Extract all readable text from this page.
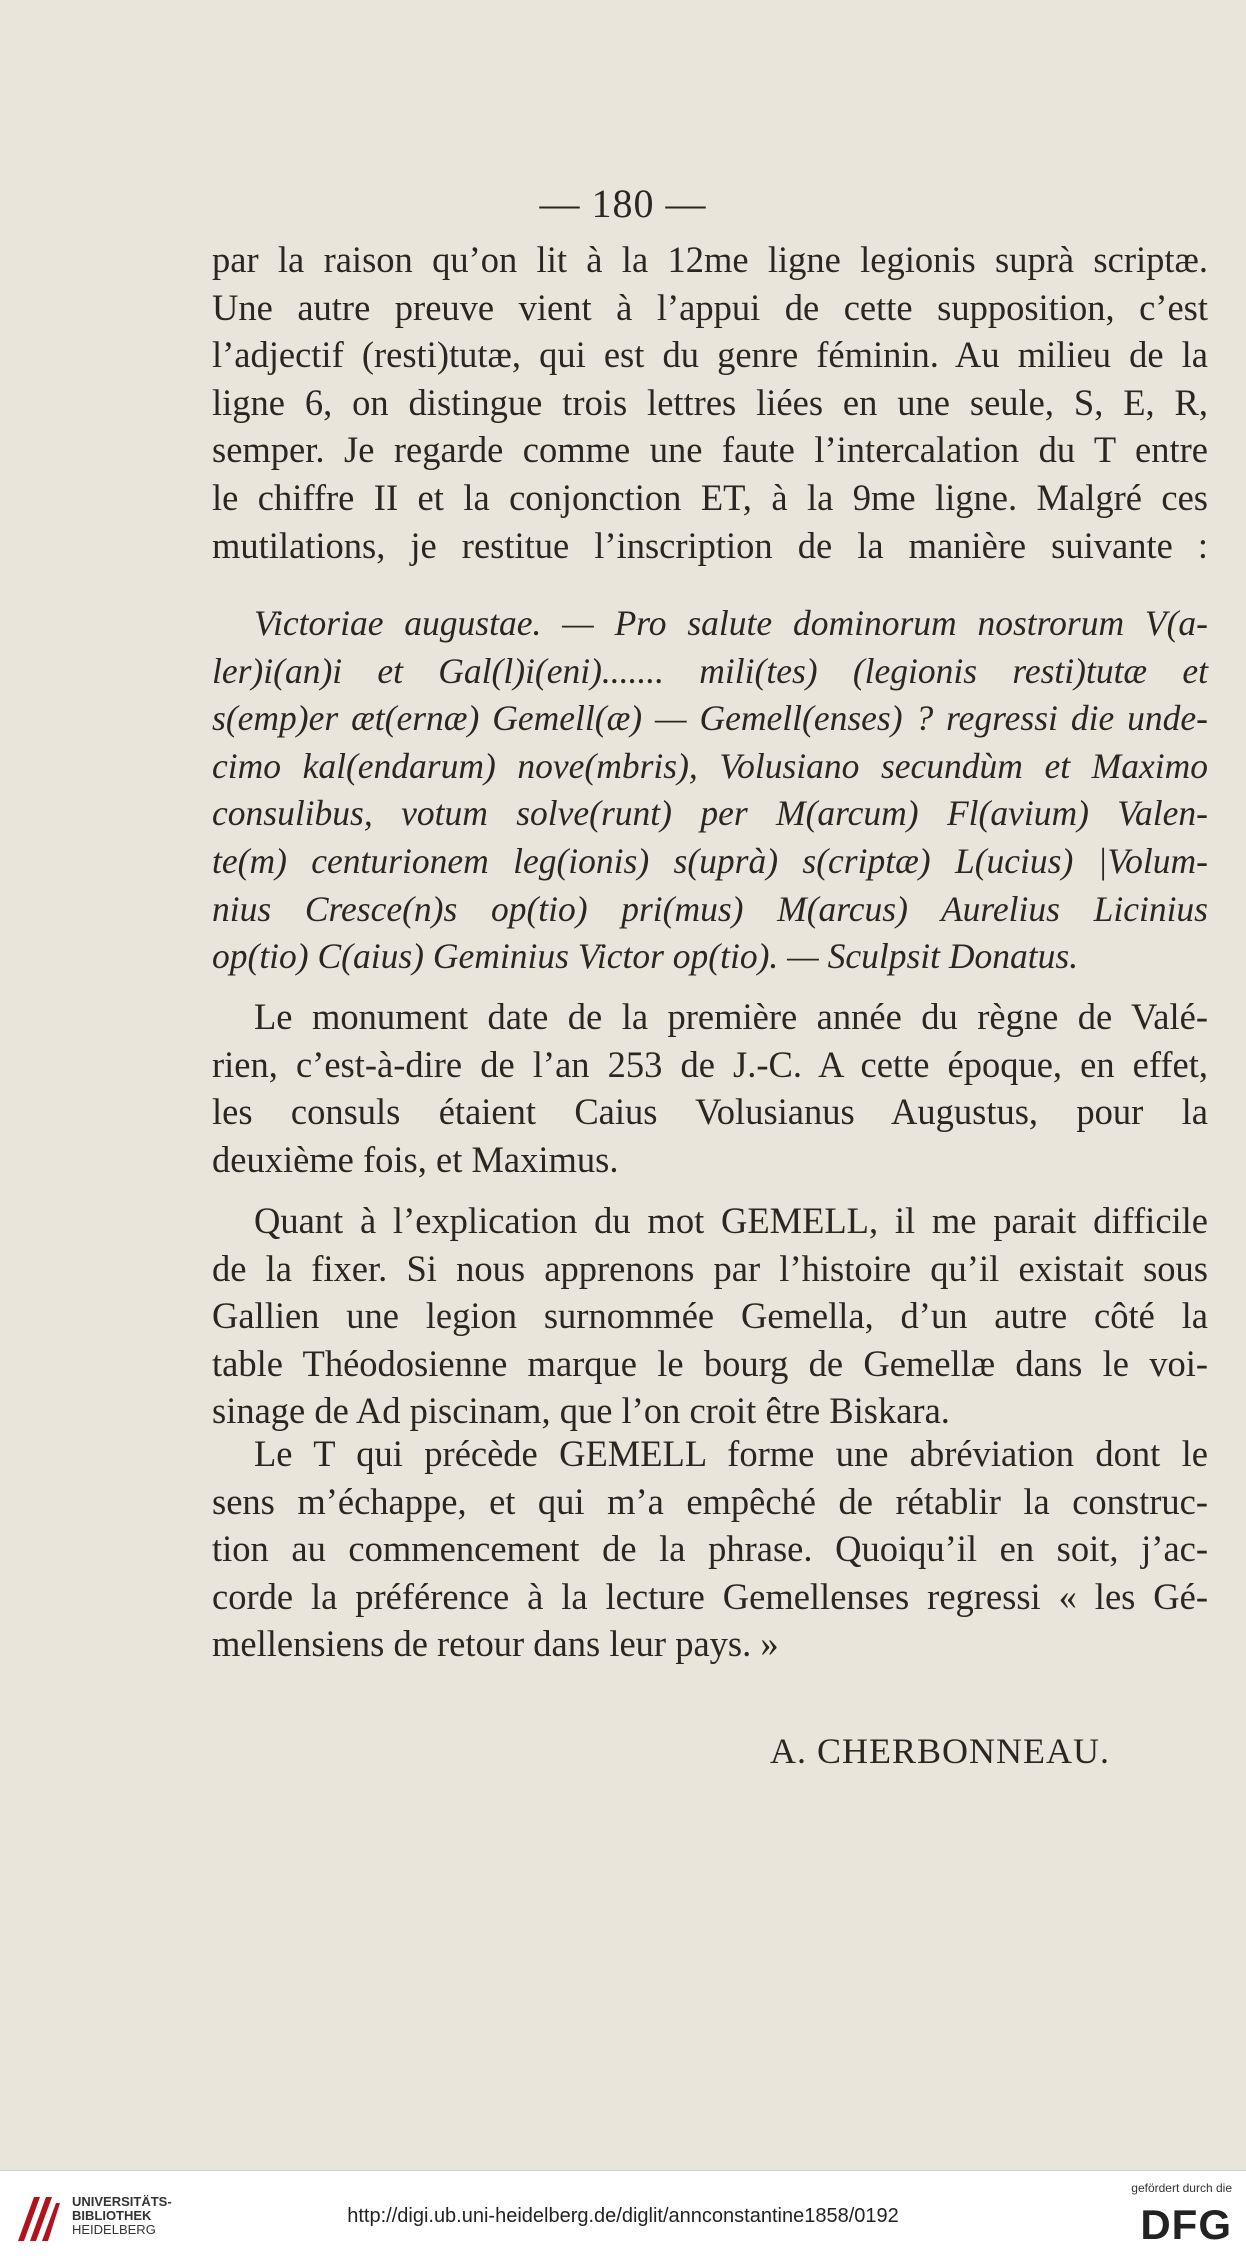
— 180 —
par la raison qu’on lit à la 12me ligne legionis suprà scriptæ.
Une autre preuve vient à l’appui de cette supposition, c’est
l’adjectif (resti)tutæ, qui est du genre féminin. Au milieu de la
ligne 6, on distingue trois lettres liées en une seule, S, E, R,
semper. Je regarde comme une faute l’intercalation du T entre
le chiffre II et la conjonction ET, à la 9me ligne. Malgré ces
mutilations, je restitue l’inscription de la manière suivante :
Victoriae augustae. — Pro salute dominorum nostrorum V(a-
ler)i(an)i et Gal(l)i(eni)....... mili(tes) (legionis resti)tutæ et
s(emp)er æt(ernæ) Gemell(æ) — Gemell(enses) ? regressi die unde-
cimo kal(endarum) nove(mbris), Volusiano secundùm et Maximo
consulibus, votum solve(runt) per M(arcum) Fl(avium) Valen-
te(m) centurionem leg(ionis) s(uprà) s(criptæ) L(ucius) |Volum-
nius Cresce(n)s op(tio) pri(mus) M(arcus) Aurelius Licinius
op(tio) C(aius) Geminius Victor op(tio). — Sculpsit Donatus.
Le monument date de la première année du règne de Valé-
rien, c’est-à-dire de l’an 253 de J.-C. A cette époque, en effet,
les consuls étaient Caius Volusianus Augustus, pour la
deuxième fois, et Maximus.
Quant à l’explication du mot GEMELL, il me parait difficile
de la fixer. Si nous apprenons par l’histoire qu’il existait sous
Gallien une legion surnommée Gemella, d’un autre côté la
table Théodosienne marque le bourg de Gemellæ dans le voi-
sinage de Ad piscinam, que l’on croit être Biskara.
Le T qui précède GEMELL forme une abréviation dont le
sens m’échappe, et qui m’a empêché de rétablir la construc-
tion au commencement de la phrase. Quoiqu’il en soit, j’ac-
corde la préférence à la lecture Gemellenses regressi « les Gé-
mellensiens de retour dans leur pays. »
A. CHERBONNEAU.
UNIVERSITÄTS-
BIBLIOTHEK
HEIDELBERG
http://digi.ub.uni-heidelberg.de/diglit/annconstantine1858/0192
gefördert durch die
DFG
